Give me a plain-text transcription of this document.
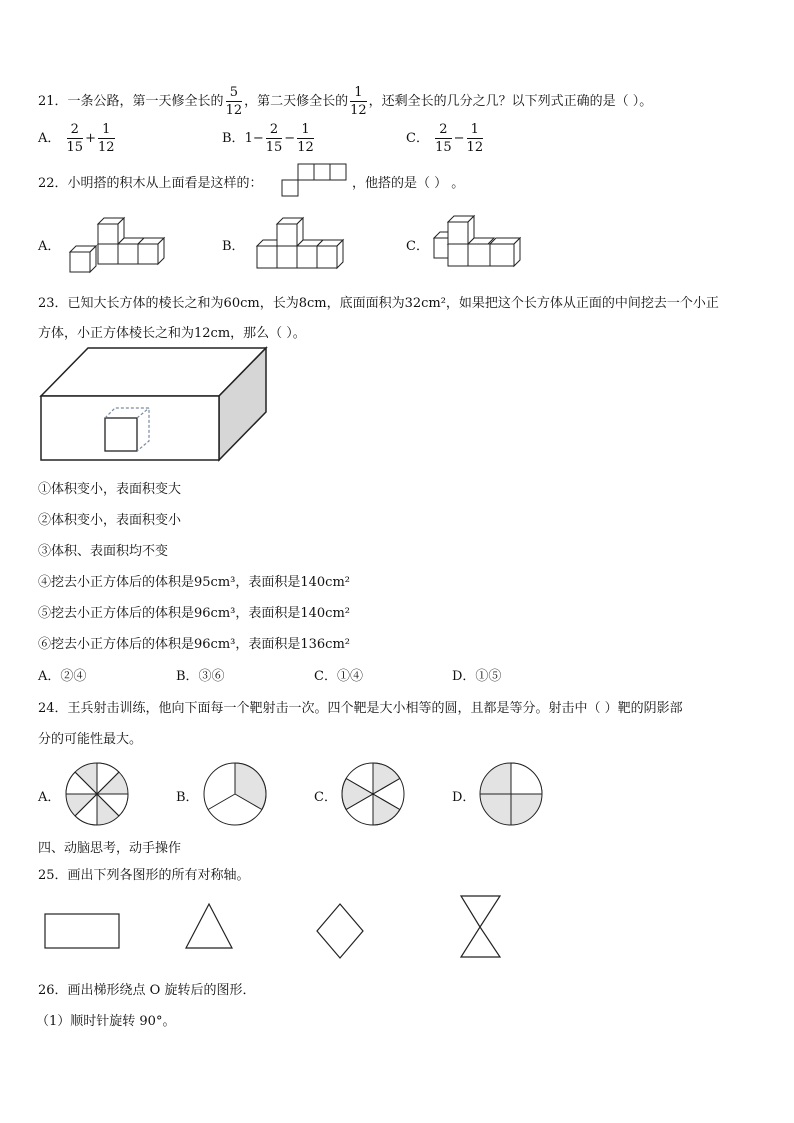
21．一条公路，第一天修全长的 $\frac{5}{12}$ ，第二天修全长的 $\frac{1}{12}$ ，还剩全长的几分之几？以下列式正确的是（ ）。
A． $\frac{2}{15} + \frac{1}{12}$	B．$1- \frac{2}{15} - \frac{1}{12}$	C． $\frac{2}{15} - \frac{1}{12}$
22．小明搭的积木从上面看是这样的：	，他搭的是（ ） 。
A．	B．	C．
23．已知大长方体的棱长之和为60cm，长为8cm，底面面积为32cm²，如果把这个长方体从正面的中间挖去一个小正
方体，小正方体棱长之和为12cm，那么（ ）。
①体积变小，表面积变大
②体积变小，表面积变小
③体积、表面积均不变
④挖去小正方体后的体积是95cm³，表面积是140cm²
⑤挖去小正方体后的体积是96cm³，表面积是140cm²
⑥挖去小正方体后的体积是96cm³，表面积是136cm²
A．②④	B．③⑥	C．①④	D．①⑤
24．王兵射击训练，他向下面每一个靶射击一次。四个靶是大小相等的圆，且都是等分。射击中（ ）靶的阴影部
分的可能性最大。
A．	B．	C．	D．
四、动脑思考，动手操作
25．画出下列各图形的所有对称轴。
26．画出梯形绕点 O 旋转后的图形．
（1）顺时针旋转 90°。
